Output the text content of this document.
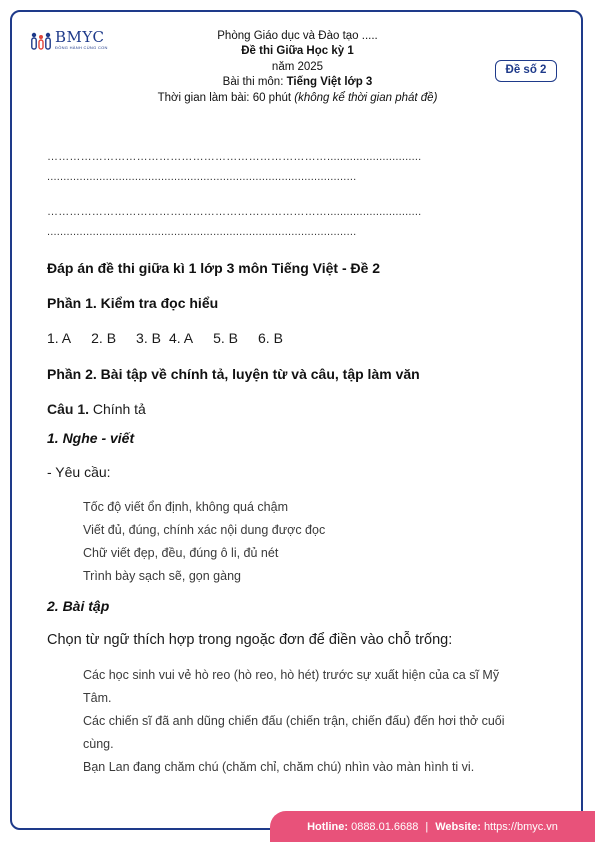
BMYC
ĐỒNG HÀNH CÙNG CON
Phòng Giáo dục và Đào tạo .....
Đề thi Giữa Học kỳ 1
năm 2025
Bài thi môn: Tiếng Việt lớp 3
Thời gian làm bài: 60 phút (không kể thời gian phát đề)
Đề số 2
………………………………………………………………….............................
...............................................................................................
………………………………………………………………….............................
...............................................................................................
Đáp án đề thi giữa kì 1 lớp 3 môn Tiếng Việt - Đề 2
Phần 1. Kiểm tra đọc hiểu
1. A 2. B 3. B 4. A 5. B 6. B
Phần 2. Bài tập về chính tả, luyện từ và câu, tập làm văn
Câu 1. Chính tả
1. Nghe - viết
- Yêu cầu:
Tốc độ viết ổn định, không quá chậm
Viết đủ, đúng, chính xác nội dung được đọc
Chữ viết đẹp, đều, đúng ô li, đủ nét
Trình bày sạch sẽ, gọn gàng
2. Bài tập
Chọn từ ngữ thích hợp trong ngoặc đơn để điền vào chỗ trống:
Các học sinh vui vẻ hò reo (hò reo, hò hét) trước sự xuất hiện của ca sĩ Mỹ
Tâm.
Các chiến sĩ đã anh dũng chiến đấu (chiến trận, chiến đấu) đến hơi thở cuối
cùng.
Bạn Lan đang chăm chú (chăm chỉ, chăm chú) nhìn vào màn hình ti vi.
Hotline:
0888.01.6688 | Website:
https://bmyc.vn
